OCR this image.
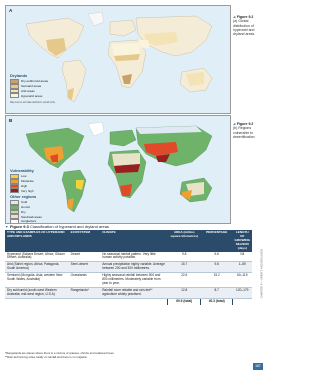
A
Drylands
Dry-subhumid areas
Semiarid areas
Arid areas
Hyperarid areas
Map source and data attribution (small print).
◀ Figure 9.2
(a) Global distribution of hyperarid and dryland areas
B
Vulnerability
Low
Moderate
High
Very high
Other regions
Cold
Humid
Dry
Sand/salt areas
Ice/glaciers
◀ Figure 9.2
(b) Regions vulnerable to desertification
▼ Figure 9.3 Classification of hyperarid and dryland areas
TYPE AND EXAMPLES OF HYPERARID AND DRYLANDS	ECOSYSTEM	CLIMATE	AREA (million square kilometres)	PERCENTAGE	LENGTH OF GROWING SEASON (days)
Hyperarid (Sahara Desert, Africa; Gibson Desert, Australia)	Desert	No seasonal rainfall pattern. Very little human activity possible.	9.8	6.6	Nil
Arid (Sahel region, Africa; Patagonia, South America)	Semi-desert	Annual precipitation highly variable. Average between 200 and 300 millimetres.	15.7	9.8	1–59
Semiarid (Mongolia, Asia; western New South Wales, Australia)	Grasslands	Highly seasonal rainfall between 500 and 800 millimetres. Moderately variable from year to year.	22.6	15.2	60–119
Dry subhumid (south-west Western Australia; mid-west region, U.S.A)	Rangelands*	Rainfall more reliable and rain-fed** agriculture widely practised.	12.8	8.7	120–179
			60.9 (total)	40.3 (total)	
*Rangelands are places where there is a mixture of grasses, shrubs and scattered trees.
**Rain-fed farming relies totally on rainfall and there is no irrigation.
CHAPTER 9 — ARIDITY AND DRYLANDS
187
